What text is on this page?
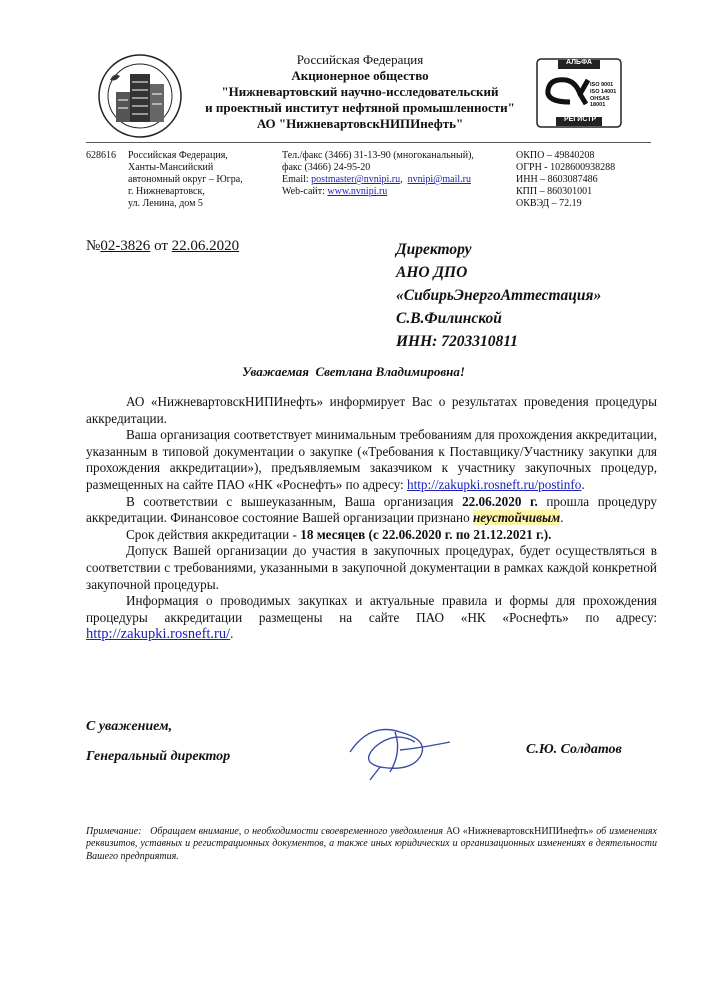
Российская Федерация
Акционерное общество
"Нижневартовский научно-исследовательский
и проектный институт нефтяной промышленности"
АО "НижневартовскНИПИнефть"
АЛЬФА
РЕГИСТР
ISO 9001
ISO 14001
OHSAS 18001
628616 Российская Федерация,
Ханты-Мансийский
автономный округ – Югра,
г. Нижневартовск,
ул. Ленина, дом 5
Тел./факс (3466) 31-13-90 (многоканальный),
факс (3466) 24-95-20
Email: postmaster@nvnipi.ru,  nvnipi@mail.ru
Web-сайт: www.nvnipi.ru
ОКПО – 49840208
ОГРН - 1028600938288
ИНН – 8603087486
КПП – 860301001
ОКВЭД – 72.19
№02-3826 от 22.06.2020	Директору
АНО ДПО
«СибирьЭнергоАттестация»
С.В.Филинской
ИНН: 7203310811
Уважаемая  Светлана Владимировна!

АО «НижневартовскНИПИнефть» информирует Вас о результатах проведения процедуры аккредитации.

Ваша организация соответствует минимальным требованиям для прохождения аккредитации, указанным в типовой документации о закупке («Требования к Поставщику/Участнику закупки для прохождения аккредитации»), предъявляемым заказчиком к участнику закупочных процедур, размещенных на сайте ПАО «НК «Роснефть» по адресу: http://zakupki.rosneft.ru/postinfo.

В соответствии с вышеуказанным, Ваша организация 22.06.2020 г. прошла процедуру аккредитации. Финансовое состояние Вашей организации признано неустойчивым.

Срок действия аккредитации - 18 месяцев (с 22.06.2020 г. по 21.12.2021 г.).

Допуск Вашей организации до участия в закупочных процедурах, будет осуществляться в соответствии с требованиями, указанными в закупочной документации в рамках каждой конкретной закупочной процедуры.

Информация о проводимых закупках и актуальные правила и формы для прохождения процедуры аккредитации размещены на сайте ПАО «НК «Роснефть» по адресу: http://zakupki.rosneft.ru/.

С уважением,
Генеральный директор	С.Ю. Солдатов
Примечание:   Обращаем внимание, о необходимости своевременного уведомления АО «НижневартовскНИПИнефть» об изменениях реквизитов, уставных и регистрационных документов, а также иных юридических и организационных изменениях в деятельности Вашего предприятия.
